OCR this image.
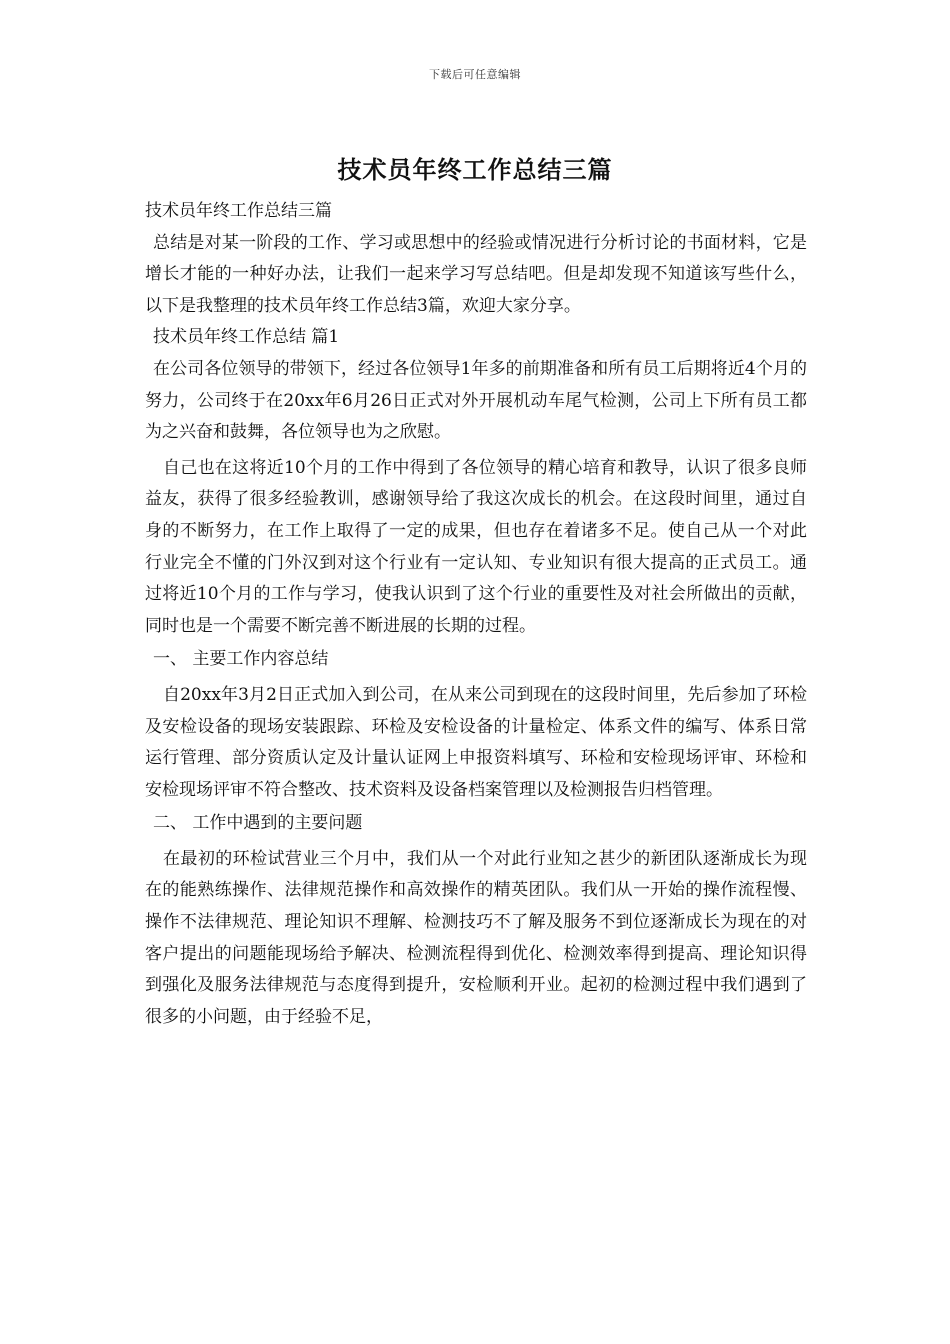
下载后可任意编辑
技术员年终工作总结三篇

技术员年终工作总结三篇

总结是对某一阶段的工作、学习或思想中的经验或情况进行分析讨论的书面材料，它是增长才能的一种好办法，让我们一起来学习写总结吧。但是却发现不知道该写些什么，以下是我整理的技术员年终工作总结3篇，欢迎大家分享。

技术员年终工作总结 篇1

在公司各位领导的带领下，经过各位领导1年多的前期准备和所有员工后期将近4个月的努力，公司终于在20xx年6月26日正式对外开展机动车尾气检测，公司上下所有员工都为之兴奋和鼓舞，各位领导也为之欣慰。

自己也在这将近10个月的工作中得到了各位领导的精心培育和教导，认识了很多良师益友，获得了很多经验教训，感谢领导给了我这次成长的机会。在这段时间里，通过自身的不断努力，在工作上取得了一定的成果，但也存在着诸多不足。使自己从一个对此行业完全不懂的门外汉到对这个行业有一定认知、专业知识有很大提高的正式员工。通过将近10个月的工作与学习，使我认识到了这个行业的重要性及对社会所做出的贡献，同时也是一个需要不断完善不断进展的长期的过程。

一、 主要工作内容总结

自20xx年3月2日正式加入到公司，在从来公司到现在的这段时间里，先后参加了环检及安检设备的现场安装跟踪、环检及安检设备的计量检定、体系文件的编写、体系日常运行管理、部分资质认定及计量认证网上申报资料填写、环检和安检现场评审、环检和安检现场评审不符合整改、技术资料及设备档案管理以及检测报告归档管理。

二、 工作中遇到的主要问题

在最初的环检试营业三个月中，我们从一个对此行业知之甚少的新团队逐渐成长为现在的能熟练操作、法律规范操作和高效操作的精英团队。我们从一开始的操作流程慢、操作不法律规范、理论知识不理解、检测技巧不了解及服务不到位逐渐成长为现在的对客户提出的问题能现场给予解决、检测流程得到优化、检测效率得到提高、理论知识得到强化及服务法律规范与态度得到提升，安检顺利开业。起初的检测过程中我们遇到了很多的小问题，由于经验不足，
